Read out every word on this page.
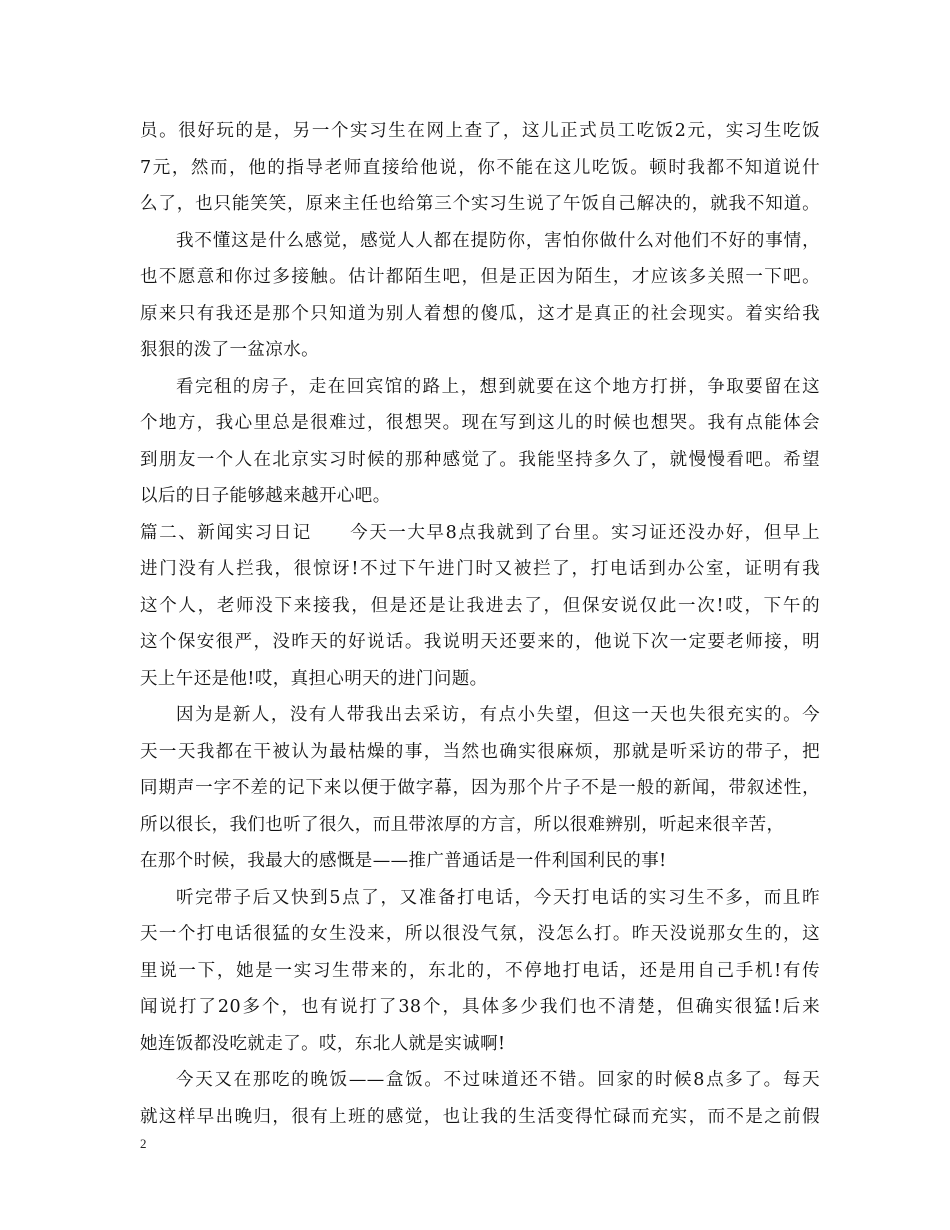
员。很好玩的是，另一个实习生在网上查了，这儿正式员工吃饭2元，实习生吃饭
7元，然而，他的指导老师直接给他说，你不能在这儿吃饭。顿时我都不知道说什
么了，也只能笑笑，原来主任也给第三个实习生说了午饭自己解决的，就我不知道。
我不懂这是什么感觉，感觉人人都在提防你，害怕你做什么对他们不好的事情，
也不愿意和你过多接触。估计都陌生吧，但是正因为陌生，才应该多关照一下吧。
原来只有我还是那个只知道为别人着想的傻瓜，这才是真正的社会现实。着实给我
狠狠的泼了一盆凉水。
看完租的房子，走在回宾馆的路上，想到就要在这个地方打拼，争取要留在这
个地方，我心里总是很难过，很想哭。现在写到这儿的时候也想哭。我有点能体会
到朋友一个人在北京实习时候的那种感觉了。我能坚持多久了，就慢慢看吧。希望
以后的日子能够越来越开心吧。
篇二、新闻实习日记　　今天一大早8点我就到了台里。实习证还没办好，但早上
进门没有人拦我，很惊讶!不过下午进门时又被拦了，打电话到办公室，证明有我
这个人，老师没下来接我，但是还是让我进去了，但保安说仅此一次!哎，下午的
这个保安很严，没昨天的好说话。我说明天还要来的，他说下次一定要老师接，明
天上午还是他!哎，真担心明天的进门问题。
因为是新人，没有人带我出去采访，有点小失望，但这一天也失很充实的。今
天一天我都在干被认为最枯燥的事，当然也确实很麻烦，那就是听采访的带子，把
同期声一字不差的记下来以便于做字幕，因为那个片子不是一般的新闻，带叙述性，
所以很长，我们也听了很久，而且带浓厚的方言，所以很难辨别，听起来很辛苦，
在那个时候，我最大的感慨是——推广普通话是一件利国利民的事!
听完带子后又快到5点了，又准备打电话，今天打电话的实习生不多，而且昨
天一个打电话很猛的女生没来，所以很没气氛，没怎么打。昨天没说那女生的，这
里说一下，她是一实习生带来的，东北的，不停地打电话，还是用自己手机!有传
闻说打了20多个，也有说打了38个，具体多少我们也不清楚，但确实很猛!后来
她连饭都没吃就走了。哎，东北人就是实诚啊!
今天又在那吃的晚饭——盒饭。不过味道还不错。回家的时候8点多了。每天
就这样早出晚归，很有上班的感觉，也让我的生活变得忙碌而充实，而不是之前假
2
